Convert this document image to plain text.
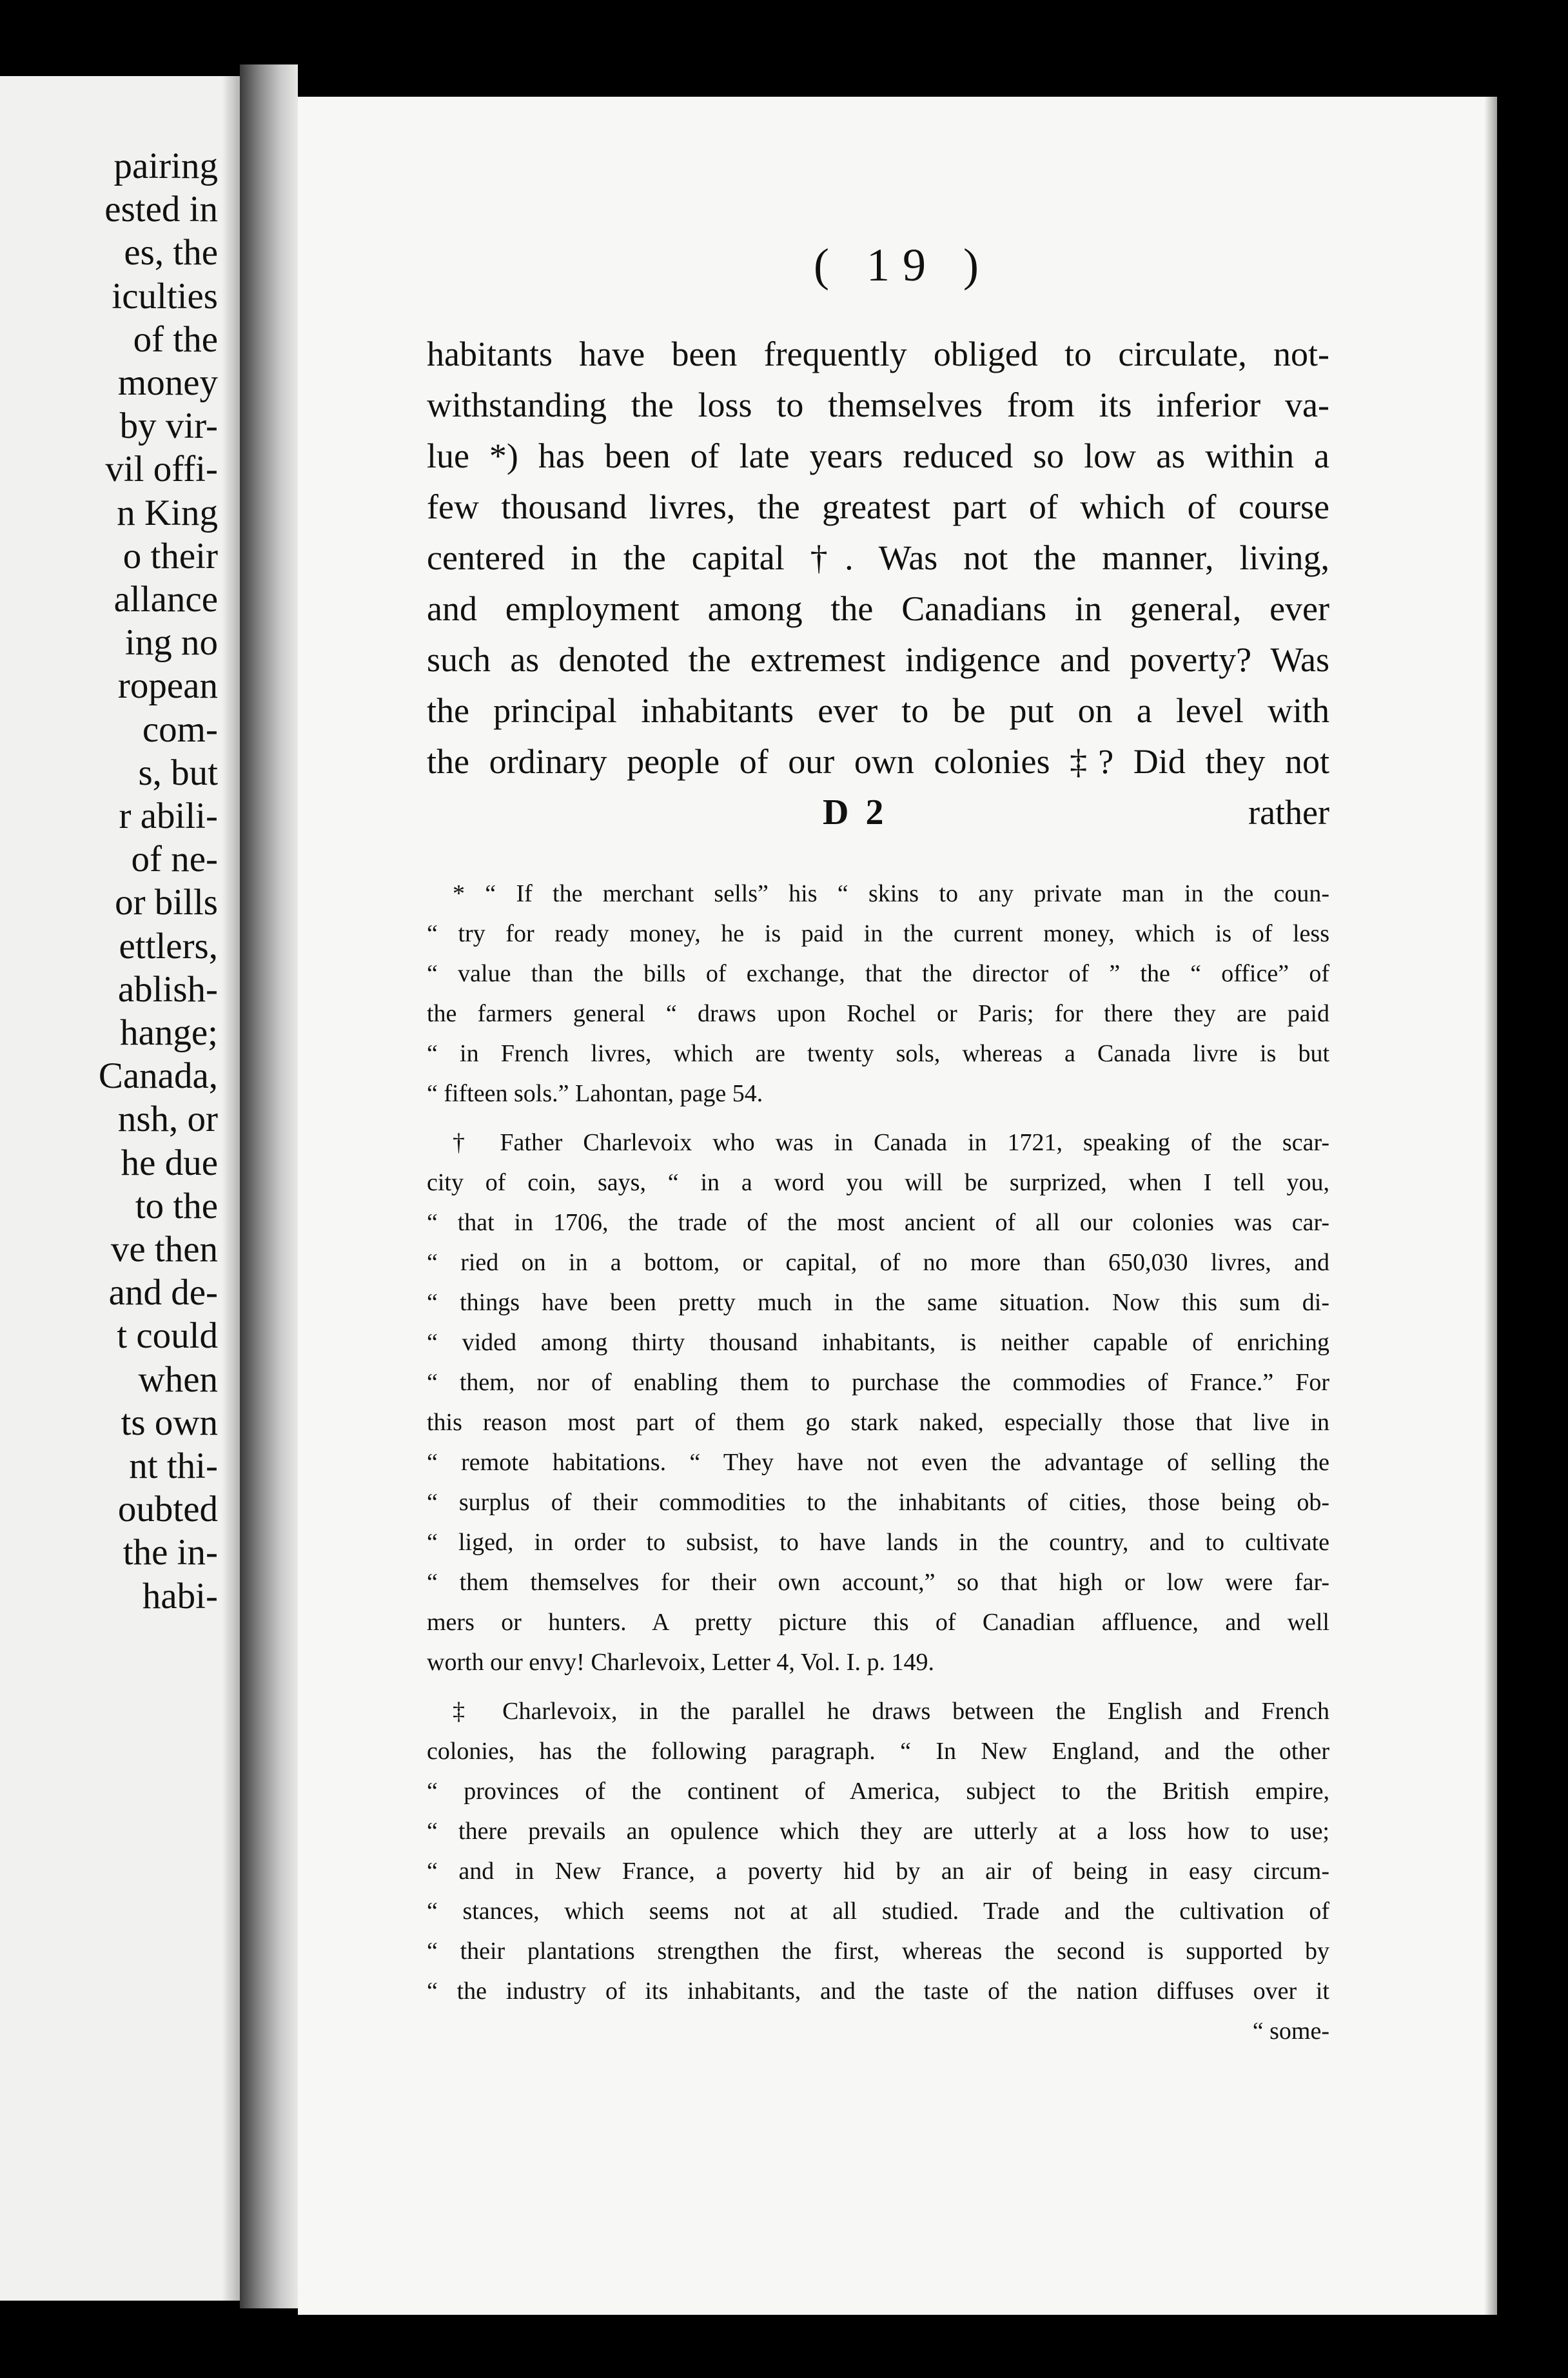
pairing
ested in
es, the
iculties
of the
money
by vir-
vil offi-
n King
o their
allance
ing no
ropean
com-
s, but
r abili-
of ne-
or bills
ettlers,
ablish-
hange;
Canada,
nsh, or
he due
to the
ve then
and de-
t could
when
ts own
nt thi-
oubted
the in-
habi-
( 19 )
habitants have been frequently obliged to circulate, not-
withstanding the loss to themselves from its inferior va-
lue *) has been of late years reduced so low as within a
few thousand livres, the greatest part of which of course
centered in the capital †. Was not the manner, living,
and employment among the Canadians in general, ever
such as denoted the extremest indigence and poverty? Was
the principal inhabitants ever to be put on a level with
the ordinary people of our own colonies ‡? Did they not
D 2	rather
* “ If the merchant sells” his “ skins to any private man in the coun-
“ try for ready money, he is paid in the current money, which is of less
“ value than the bills of exchange, that the director of ” the “ office” of
the farmers general “ draws upon Rochel or Paris; for there they are paid
“ in French livres, which are twenty sols, whereas a Canada livre is but
“ fifteen sols.” Lahontan, page 54.
† Father Charlevoix who was in Canada in 1721, speaking of the scar-
city of coin, says, “ in a word you will be surprized, when I tell you,
“ that in 1706, the trade of the most ancient of all our colonies was car-
“ ried on in a bottom, or capital, of no more than 650,030 livres, and
“ things have been pretty much in the same situation. Now this sum di-
“ vided among thirty thousand inhabitants, is neither capable of enriching
“ them, nor of enabling them to purchase the commodies of France.” For
this reason most part of them go stark naked, especially those that live in
“ remote habitations. “ They have not even the advantage of selling the
“ surplus of their commodities to the inhabitants of cities, those being ob-
“ liged, in order to subsist, to have lands in the country, and to cultivate
“ them themselves for their own account,” so that high or low were far-
mers or hunters. A pretty picture this of Canadian affluence, and well
worth our envy! Charlevoix, Letter 4, Vol. I. p. 149.
‡ Charlevoix, in the parallel he draws between the English and French
colonies, has the following paragraph. “ In New England, and the other
“ provinces of the continent of America, subject to the British empire,
“ there prevails an opulence which they are utterly at a loss how to use;
“ and in New France, a poverty hid by an air of being in easy circum-
“ stances, which seems not at all studied. Trade and the cultivation of
“ their plantations strengthen the first, whereas the second is supported by
“ the industry of its inhabitants, and the taste of the nation diffuses over it
“ some-
